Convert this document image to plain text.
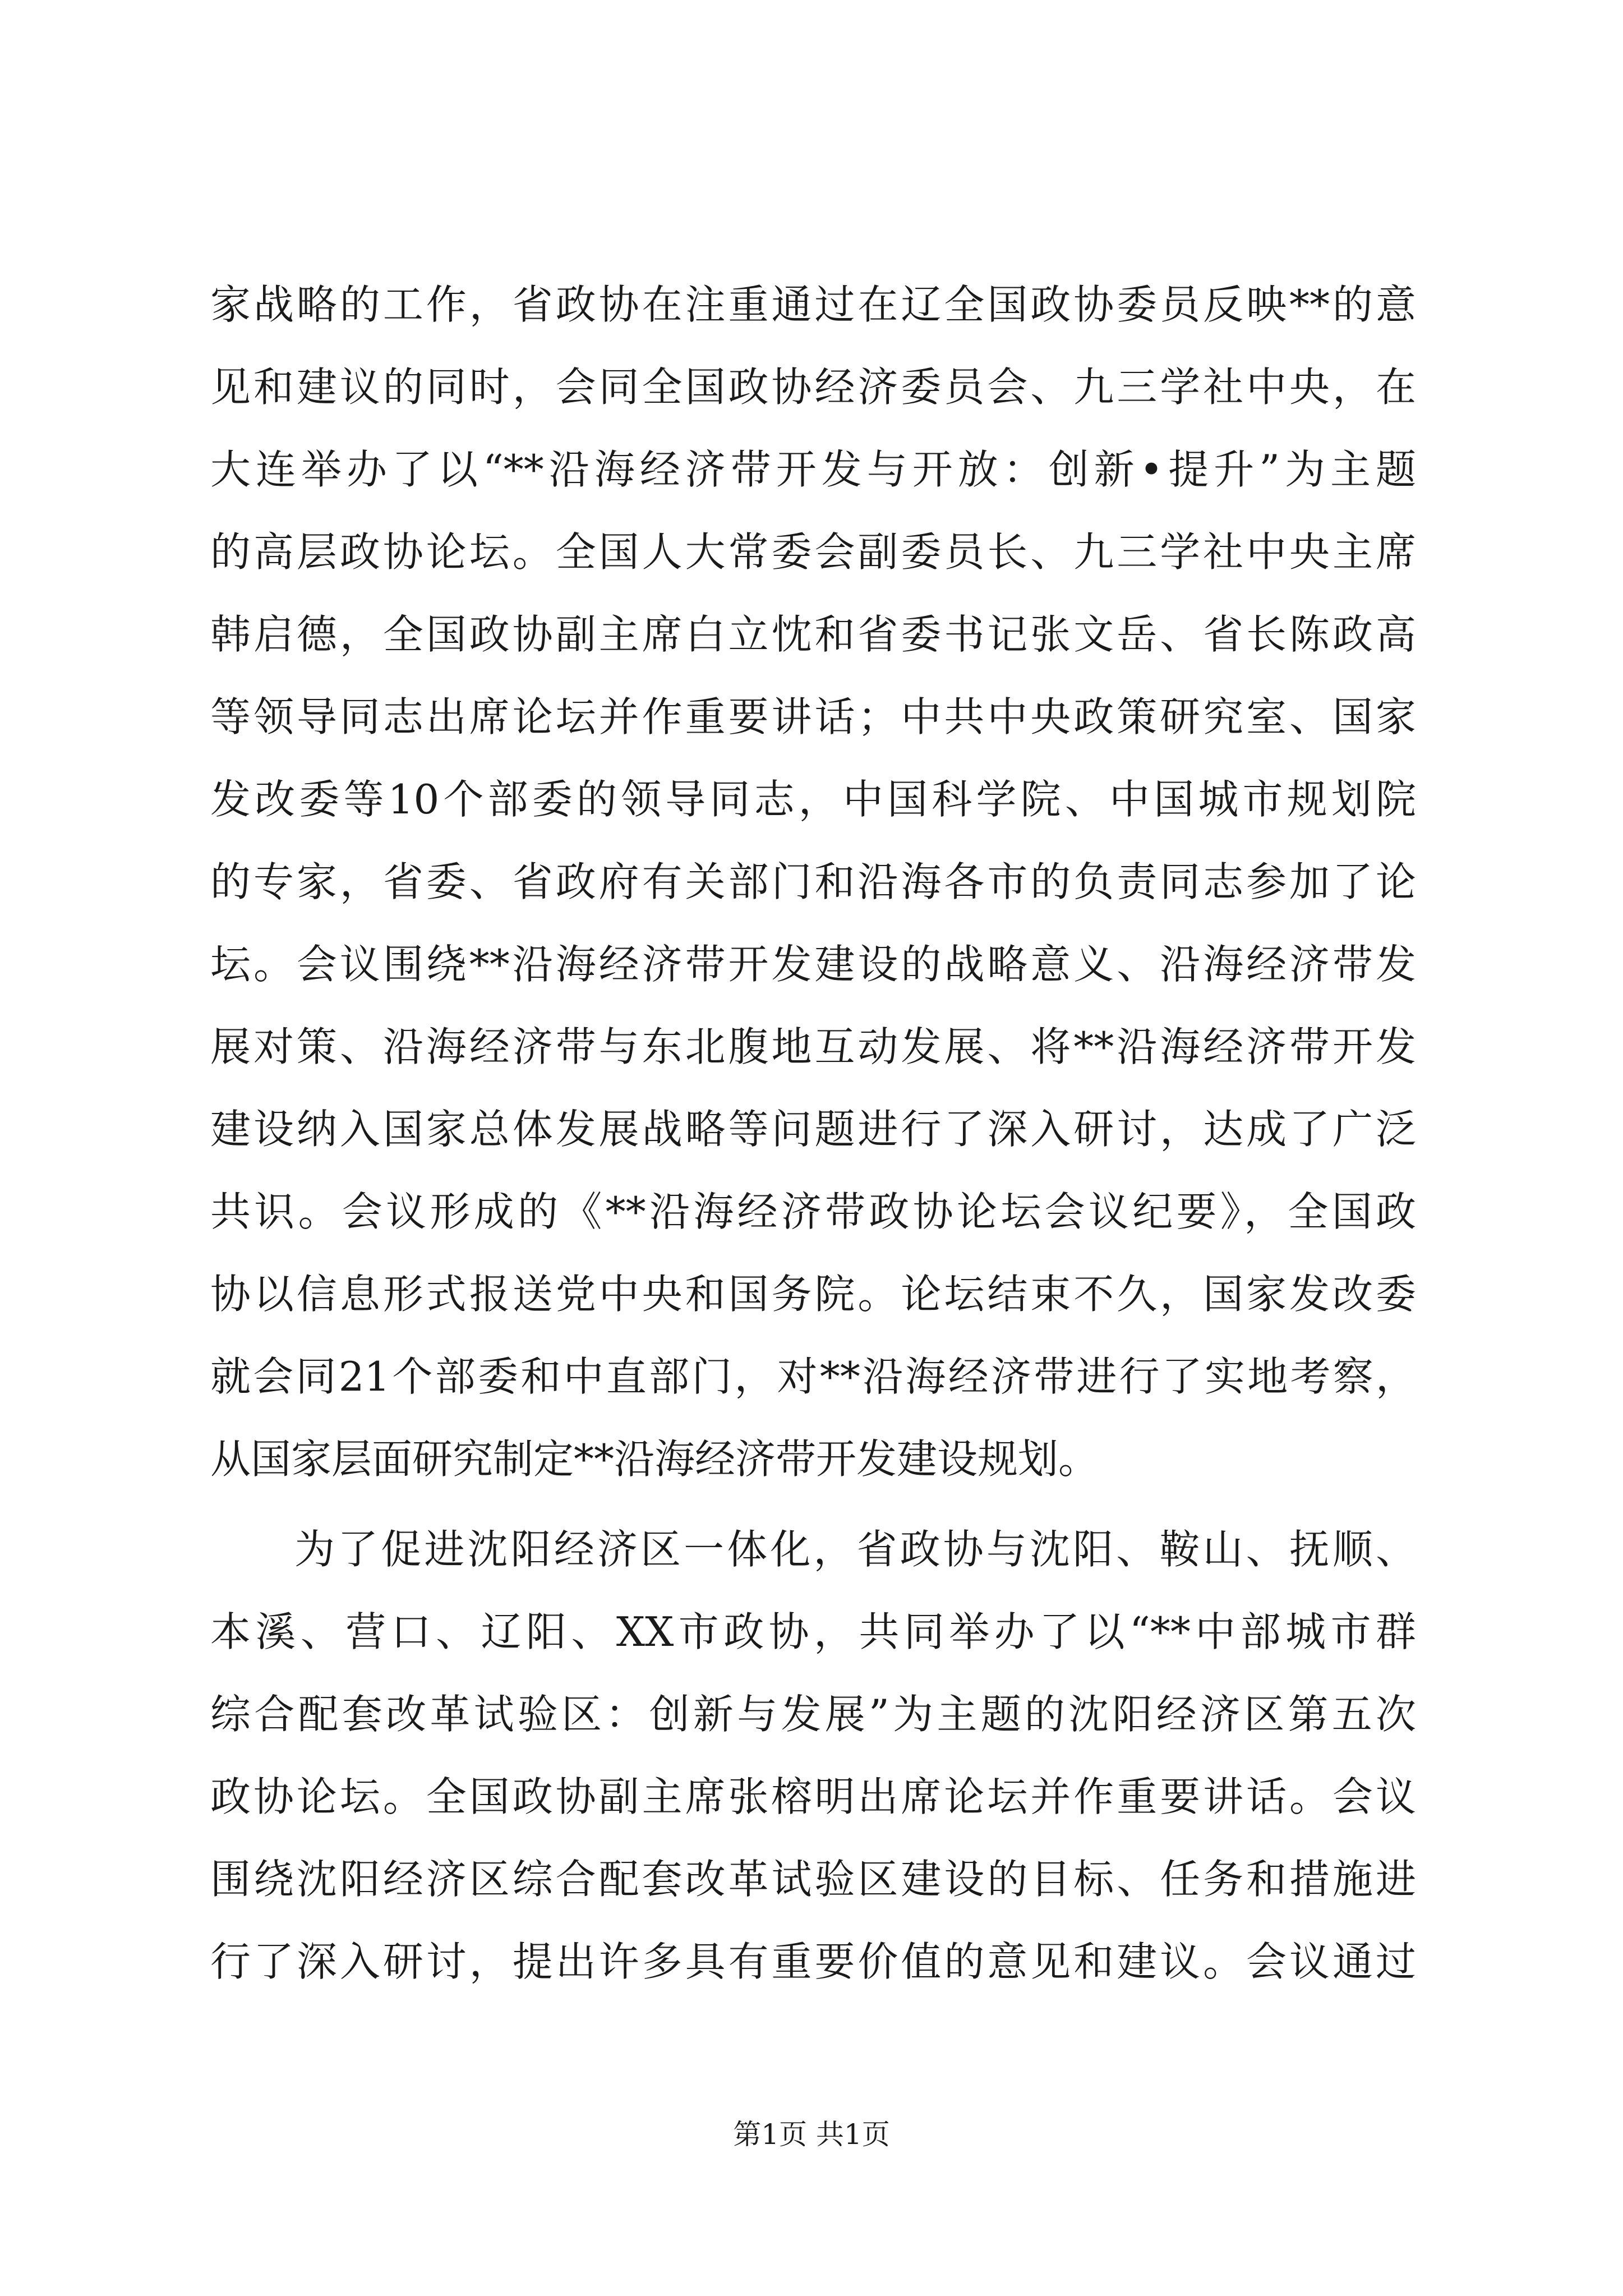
家战略的工作，省政协在注重通过在辽全国政协委员反映**的意
见和建议的同时，会同全国政协经济委员会、九三学社中央，在
大连举办了以“**沿海经济带开发与开放：创新•提升”为主题
的高层政协论坛。全国人大常委会副委员长、九三学社中央主席
韩启德，全国政协副主席白立忱和省委书记张文岳、省长陈政高
等领导同志出席论坛并作重要讲话；中共中央政策研究室、国家
发改委等10个部委的领导同志，中国科学院、中国城市规划院
的专家，省委、省政府有关部门和沿海各市的负责同志参加了论
坛。会议围绕**沿海经济带开发建设的战略意义、沿海经济带发
展对策、沿海经济带与东北腹地互动发展、将**沿海经济带开发
建设纳入国家总体发展战略等问题进行了深入研讨，达成了广泛
共识。会议形成的《**沿海经济带政协论坛会议纪要》，全国政
协以信息形式报送党中央和国务院。论坛结束不久，国家发改委
就会同21个部委和中直部门，对**沿海经济带进行了实地考察，
从国家层面研究制定**沿海经济带开发建设规划。
为了促进沈阳经济区一体化，省政协与沈阳、鞍山、抚顺、
本溪、营口、辽阳、XX市政协，共同举办了以“**中部城市群
综合配套改革试验区：创新与发展”为主题的沈阳经济区第五次
政协论坛。全国政协副主席张榕明出席论坛并作重要讲话。会议
围绕沈阳经济区综合配套改革试验区建设的目标、任务和措施进
行了深入研讨，提出许多具有重要价值的意见和建议。会议通过
第1页 共1页
